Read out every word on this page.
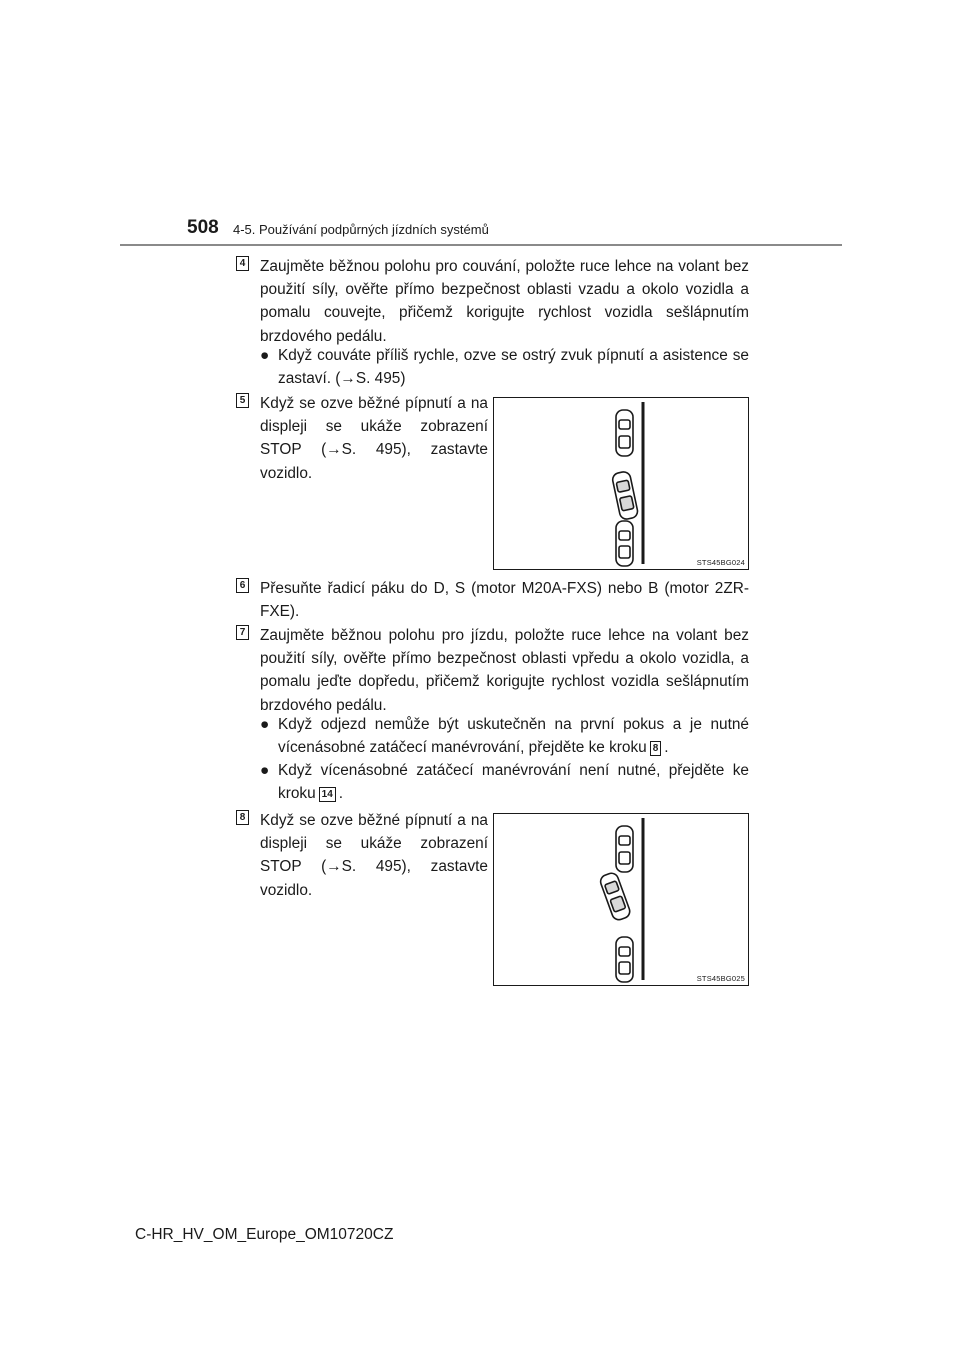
508 4-5. Používání podpůrných jízdních systémů
4 Zaujměte běžnou polohu pro couvání, položte ruce lehce na volant bez použití síly, ověřte přímo bezpečnost oblasti vzadu a okolo vozidla a pomalu couvejte, přičemž korigujte rychlost vozidla sešlápnutím brzdového pedálu.
● Když couváte příliš rychle, ozve se ostrý zvuk pípnutí a asistence se zastaví. (→S. 495)
5 Když se ozve běžné pípnutí a na displeji se ukáže zobrazení STOP (→S. 495), zastavte vozidlo.
STS45BG024
6 Přesuňte řadicí páku do D, S (motor M20A-FXS) nebo B (motor 2ZR-FXE).
7 Zaujměte běžnou polohu pro jízdu, položte ruce lehce na volant bez použití síly, ověřte přímo bezpečnost oblasti vpředu a okolo vozidla, a pomalu jeďte dopředu, přičemž korigujte rychlost vozidla sešlápnutím brzdového pedálu.
● Když odjezd nemůže být uskutečněn na první pokus a je nutné vícenásobné zatáčecí manévrování, přejděte ke kroku 8 .
● Když vícenásobné zatáčecí manévrování není nutné, přejděte ke kroku 14 .
8 Když se ozve běžné pípnutí a na displeji se ukáže zobrazení STOP (→S. 495), zastavte vozidlo.
STS45BG025
C-HR_HV_OM_Europe_OM10720CZ
